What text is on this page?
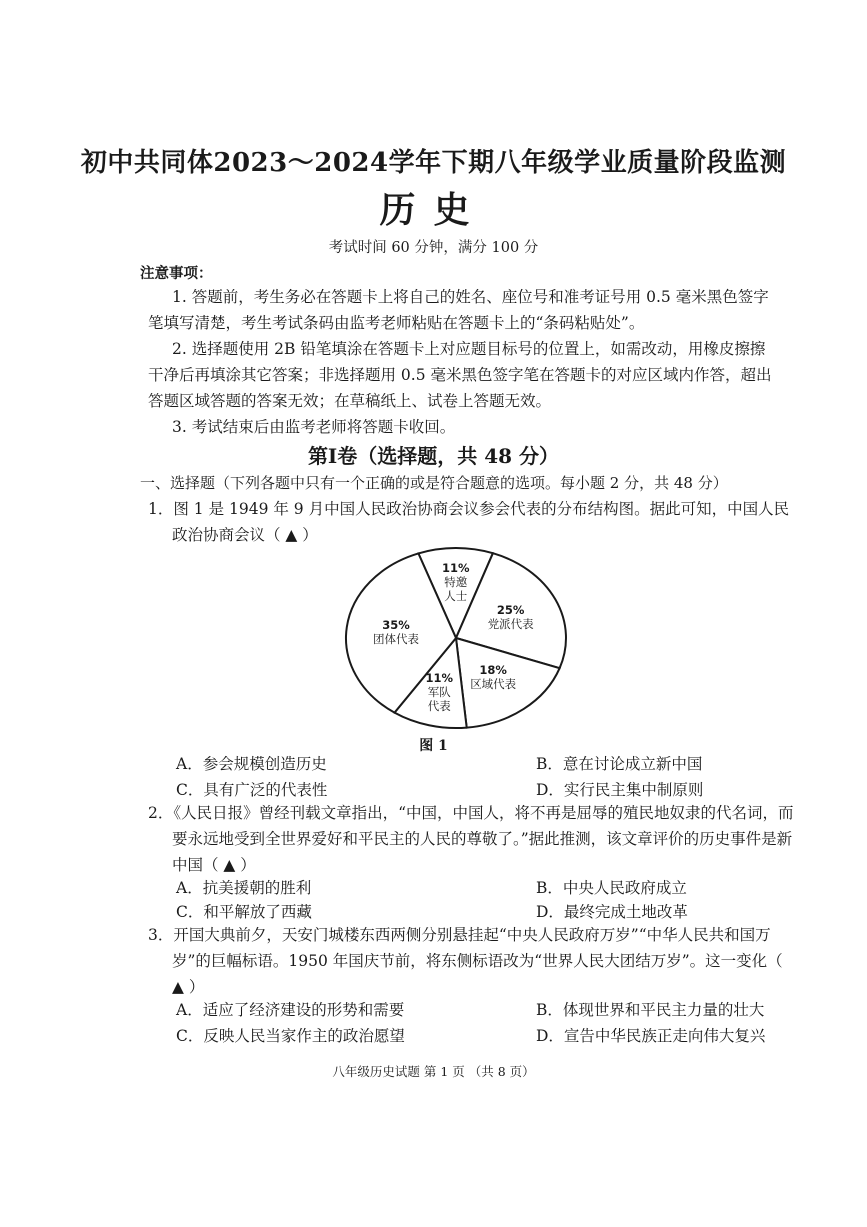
初中共同体2023～2024学年下期八年级学业质量阶段监测
历史
考试时间 60 分钟，满分 100 分
注意事项：
1. 答题前，考生务必在答题卡上将自己的姓名、座位号和准考证号用 0.5 毫米黑色签字笔填写清楚，考生考试条码由监考老师粘贴在答题卡上的“条码粘贴处”。
2. 选择题使用 2B 铅笔填涂在答题卡上对应题目标号的位置上，如需改动，用橡皮擦擦干净后再填涂其它答案；非选择题用 0.5 毫米黑色签字笔在答题卡的对应区域内作答，超出答题区域答题的答案无效；在草稿纸上、试卷上答题无效。
3. 考试结束后由监考老师将答题卡收回。
第Ⅰ卷（选择题，共 48 分）
一、选择题（下列各题中只有一个正确的或是符合题意的选项。每小题 2 分，共 48 分）
1．图 1 是 1949 年 9 月中国人民政治协商会议参会代表的分布结构图。据此可知，中国人民政治协商会议（ ▲ ）
11%
特邀
人士
25%
党派代表
18%
区域代表
11%
军队
代表
35%
团体代表
图 1
A．参会规模创造历史	B．意在讨论成立新中国
C．具有广泛的代表性	D．实行民主集中制原则
2．《人民日报》曾经刊载文章指出，“中国，中国人，将不再是屈辱的殖民地奴隶的代名词，而要永远地受到全世界爱好和平民主的人民的尊敬了。”据此推测，该文章评价的历史事件是新中国（ ▲ ）
A．抗美援朝的胜利	B．中央人民政府成立
C．和平解放了西藏	D．最终完成土地改革
3．开国大典前夕，天安门城楼东西两侧分别悬挂起“中央人民政府万岁”“中华人民共和国万岁”的巨幅标语。1950 年国庆节前，将东侧标语改为“世界人民大团结万岁”。这一变化（ ▲ ）
A．适应了经济建设的形势和需要	B．体现世界和平民主力量的壮大
C．反映人民当家作主的政治愿望	D．宣告中华民族正走向伟大复兴
八年级历史试题 第 1 页 （共 8 页）
